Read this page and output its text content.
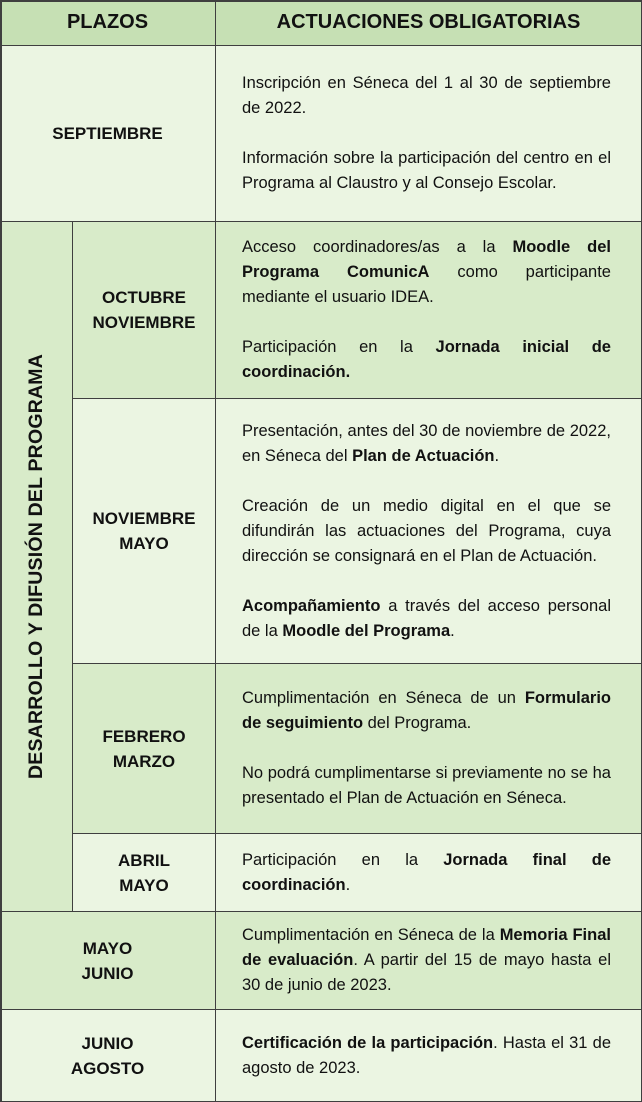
PLAZOS	ACTUACIONES OBLIGATORIAS
SEPTIEMBRE

Inscripción en Séneca del 1 al 30 de septiembre de 2022.

Información sobre la participación del centro en el Programa al Claustro y al Consejo Escolar.

DESARROLLO Y DIFUSIÓN DEL PROGRAMA
OCTUBRE
NOVIEMBRE

Acceso coordinadores/as a la Moodle del Programa ComunicA como participante mediante el usuario IDEA.

Participación en la Jornada inicial de coordinación.

NOVIEMBRE
MAYO

Presentación, antes del 30 de noviembre de 2022, en Séneca del Plan de Actuación.

Creación de un medio digital en el que se difundirán las actuaciones del Programa, cuya dirección se consignará en el Plan de Actuación.

Acompañamiento a través del acceso personal de la Moodle del Programa.

FEBRERO
MARZO

Cumplimentación en Séneca de un Formulario de seguimiento del Programa.

No podrá cumplimentarse si previamente no se ha presentado el Plan de Actuación en Séneca.

ABRIL
MAYO

Participación en la Jornada final de coordinación.

MAYO
JUNIO

Cumplimentación en Séneca de la Memoria Final de evaluación. A partir del 15 de mayo hasta el 30 de junio de 2023.

JUNIO
AGOSTO

Certificación de la participación. Hasta el 31 de agosto de 2023.
